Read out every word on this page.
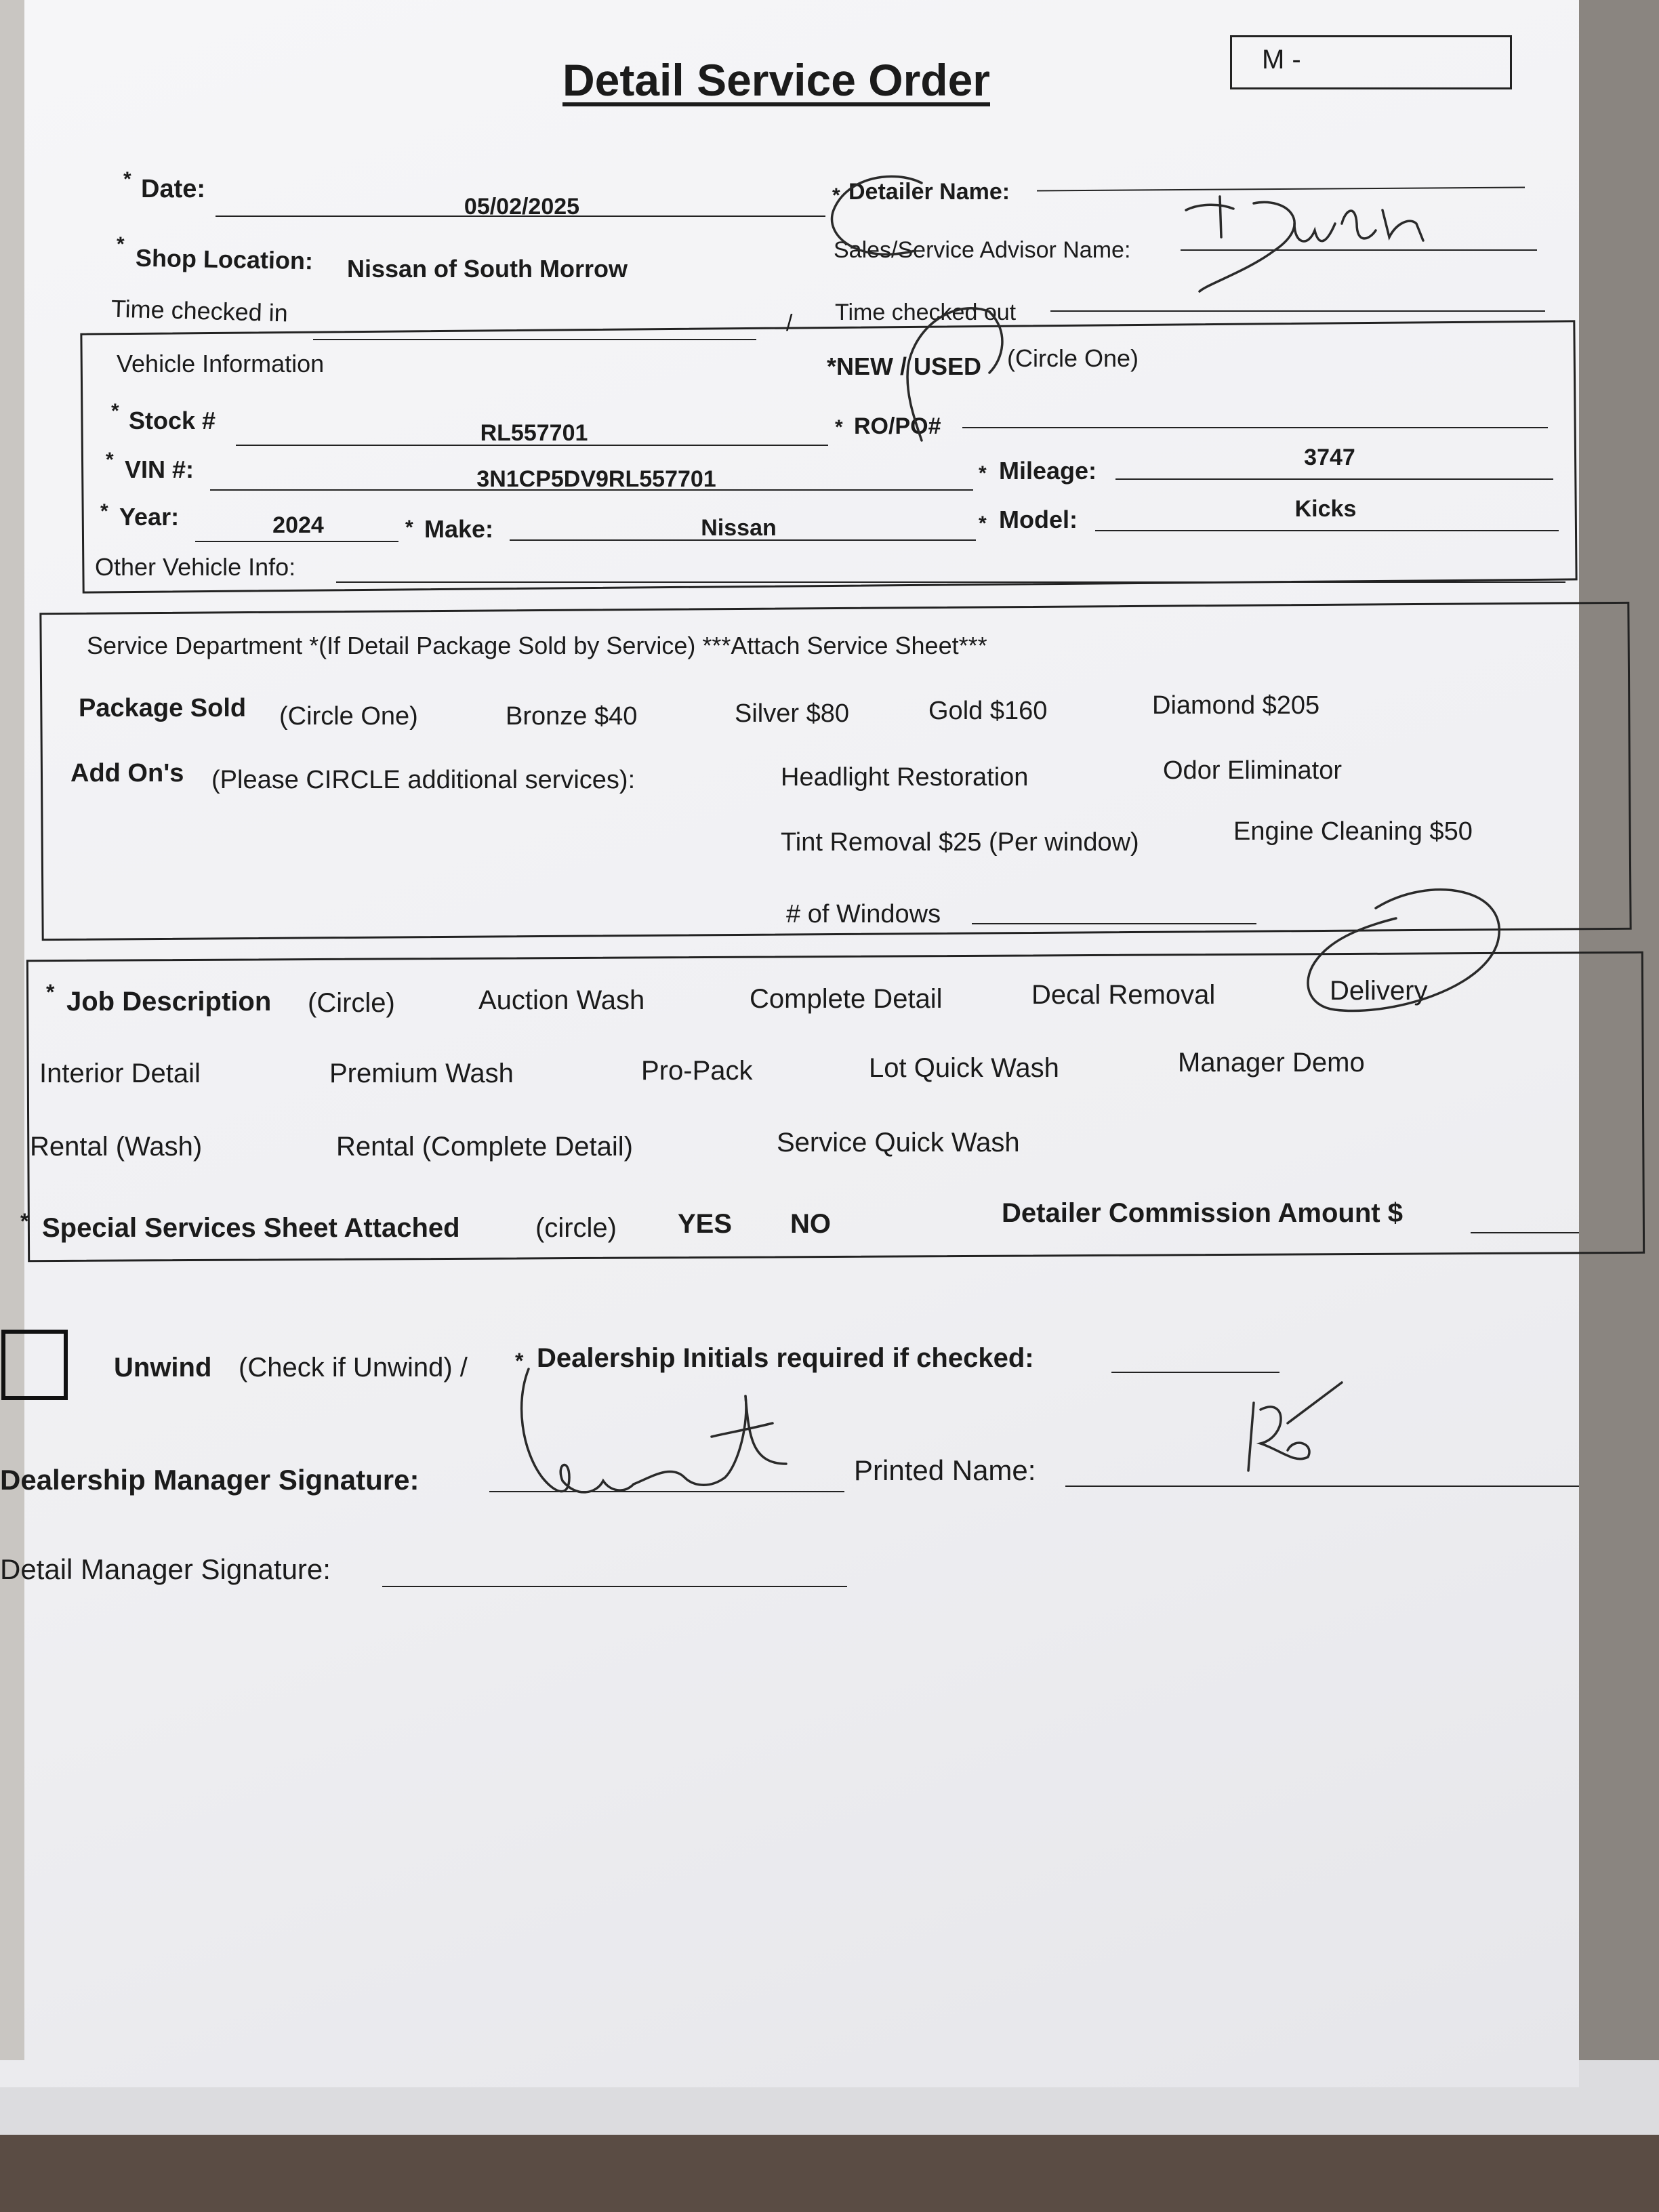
Detail Service Order	M -
* Date:
05/02/2025	* Detailer Name:
* Shop Location: Nissan of South Morrow
Sales/Service Advisor Name:
Time checked in	/ Time checked out
Vehicle Information	*NEW / USED (Circle One)
* Stock #	RL557701	* RO/PO#
* VIN #:	3N1CP5DV9RL557701	* Mileage:	3747
* Year:	2024	* Make:	Nissan	* Model:	Kicks
Other Vehicle Info:
Service Department *(If Detail Package Sold by Service) ***Attach Service Sheet***
Package Sold (Circle One)	Bronze $40	Silver $80	Gold $160	Diamond $205
Add On's (Please CIRCLE additional services):	Headlight Restoration	Odor Eliminator
Tint Removal $25 (Per window)	Engine Cleaning $50
# of Windows
* Job Description (Circle)	Auction Wash	Complete Detail	Decal Removal	Delivery
Interior Detail	Premium Wash	Pro-Pack	Lot Quick Wash	Manager Demo
Rental (Wash)	Rental (Complete Detail)	Service Quick Wash
* Special Services Sheet Attached	(circle) YES NO	Detailer Commission Amount $
Unwind (Check if Unwind) / * Dealership Initials required if checked:
Dealership Manager Signature:	Printed Name:
Detail Manager Signature:
